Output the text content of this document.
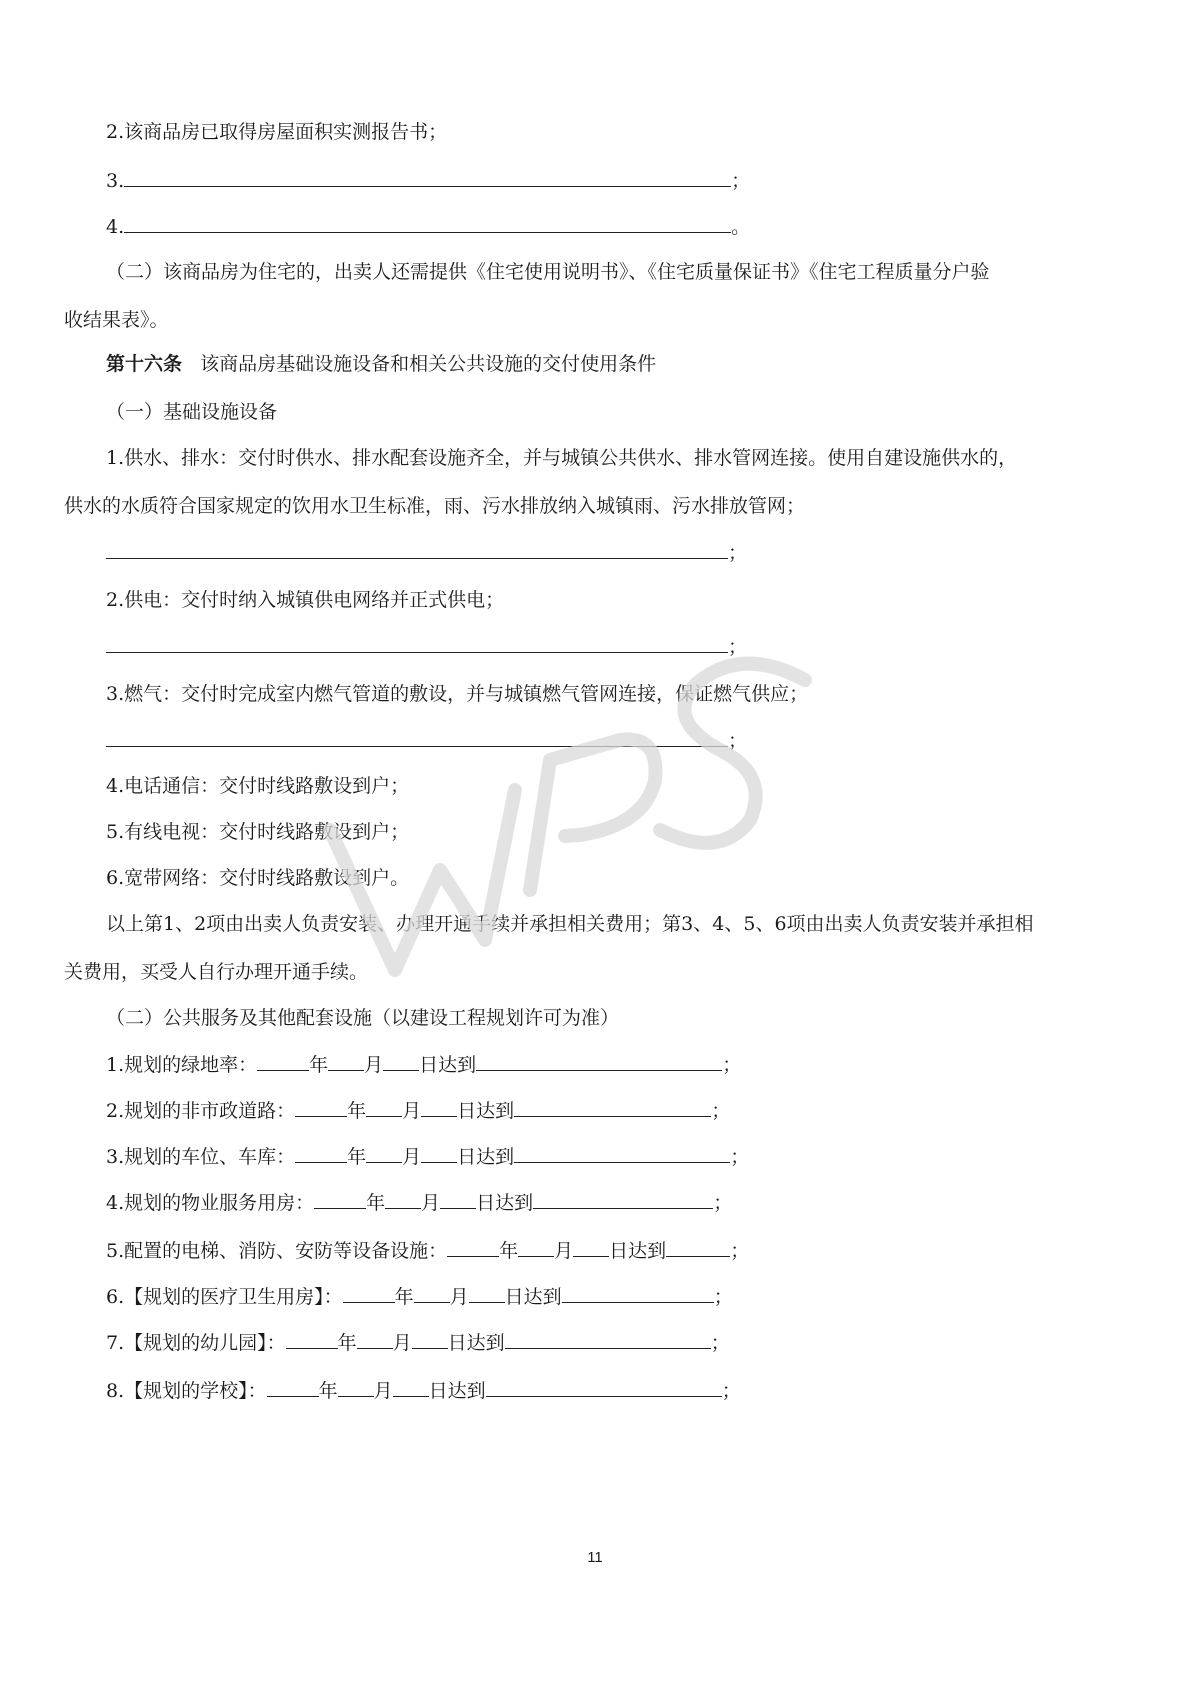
2.该商品房已取得房屋面积实测报告书；
3.	；
4.	。
（二）该商品房为住宅的，出卖人还需提供《住宅使用说明书》、《住宅质量保证书》《住宅工程质量分户验
收结果表》。
第十六条 该商品房基础设施设备和相关公共设施的交付使用条件
（一）基础设施设备
1.供水、排水：交付时供水、排水配套设施齐全，并与城镇公共供水、排水管网连接。使用自建设施供水的，
供水的水质符合国家规定的饮用水卫生标准，雨、污水排放纳入城镇雨、污水排放管网；
；
2.供电：交付时纳入城镇供电网络并正式供电；
；
3.燃气：交付时完成室内燃气管道的敷设，并与城镇燃气管网连接，保证燃气供应；
；
4.电话通信：交付时线路敷设到户；
5.有线电视：交付时线路敷设到户；
6.宽带网络：交付时线路敷设到户。
以上第1、2项由出卖人负责安装、办理开通手续并承担相关费用；第3、4、5、6项由出卖人负责安装并承担相
关费用，买受人自行办理开通手续。
（二）公共服务及其他配套设施（以建设工程规划许可为准）
1.规划的绿地率：	年 月 日达到	；
2.规划的非市政道路：	年 月 日达到	；
3.规划的车位、车库：	年 月 日达到	；
4.规划的物业服务用房：	年 月 日达到	；
5.配置的电梯、消防、安防等设备设施：	年 月 日达到	；
6.【规划的医疗卫生用房】：	年 月 日达到	；
7.【规划的幼儿园】：	年 月 日达到	；
8.【规划的学校】：	年 月 日达到	；
11
